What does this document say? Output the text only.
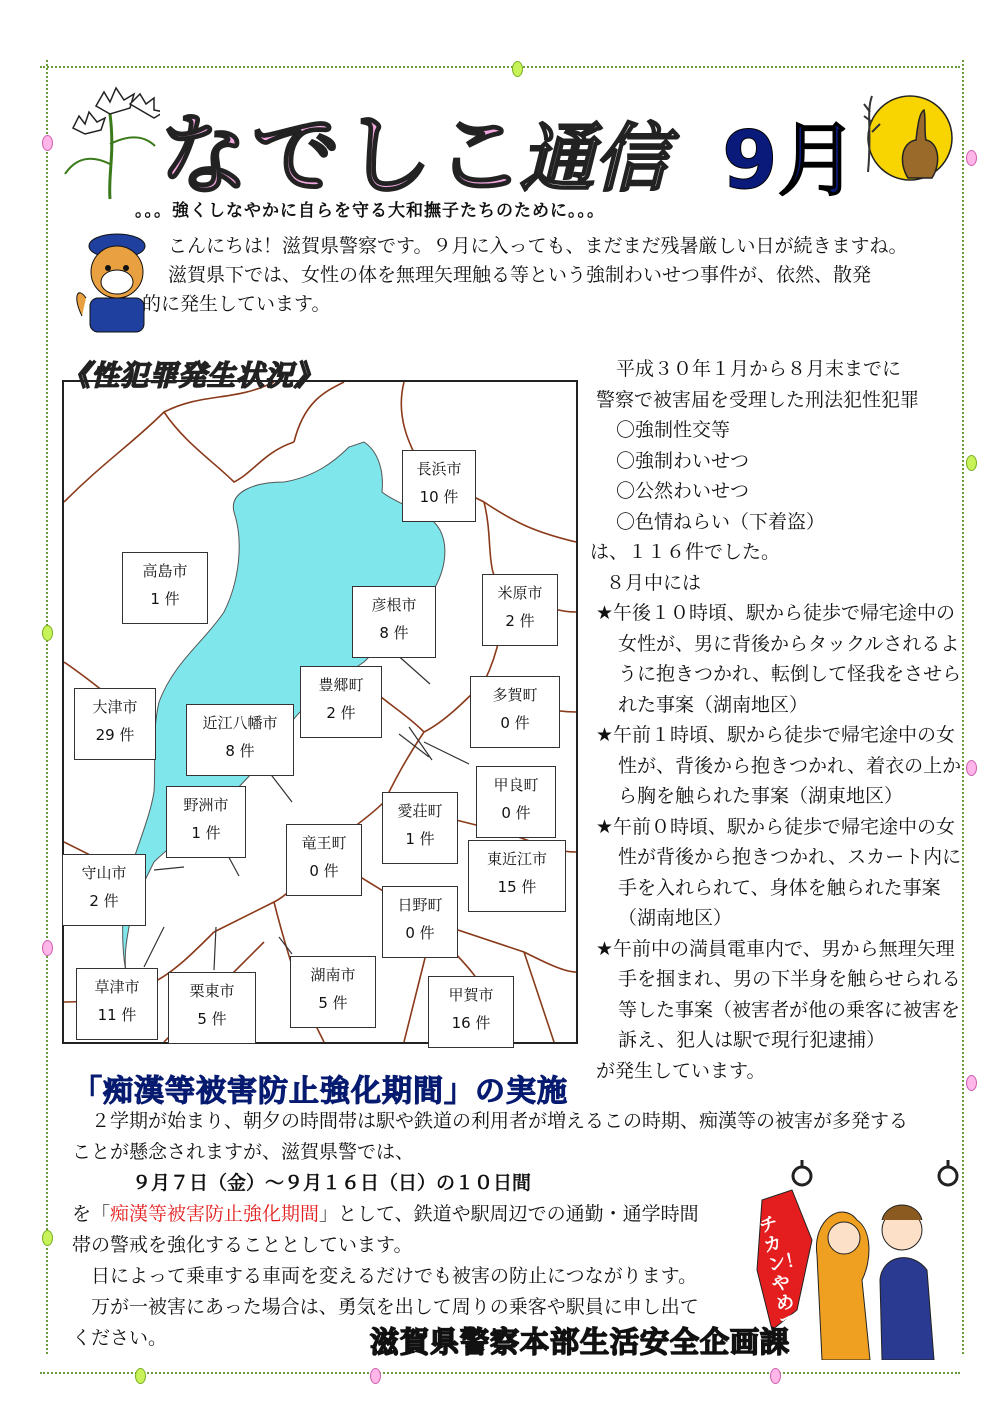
なでしこ
通信 9月
。。。強くしなやかに自らを守る大和撫子たちのために。。。

こんにちは！滋賀県警察です。９月に入っても、まだまだ残暑厳しい日が続きますね。

滋賀県下では、女性の体を無理矢理触る等という強制わいせつ事件が、依然、散発

的に発生しています。

長浜市
10 件
高島市
1 件	彦根市
8 件
米原市
2 件
豊郷町
2 件
多賀町
0 件
大津市
29 件
近江八幡市
8 件
甲良町
0 件
野洲市
1 件
愛荘町
1 件
竜王町
0 件
東近江市
15 件
守山市
2 件	日野町
0 件
草津市
11 件
栗東市
5 件
湖南市
5 件	甲賀市
16 件
《性犯罪発生状況》	平成３０年１月から８月末までに

警察で被害届を受理した刑法犯性犯罪

〇強制性交等

〇強制わいせつ

〇公然わいせつ

〇色情ねらい（下着盗）

は、１１６件でした。

８月中には

★午後１０時頃、駅から徒歩で帰宅途中の女性が、男に背後からタックルされるように抱きつかれ、転倒して怪我をさせられた事案（湖南地区）

★午前１時頃、駅から徒歩で帰宅途中の女性が、背後から抱きつかれ、着衣の上から胸を触られた事案（湖東地区）

★午前０時頃、駅から徒歩で帰宅途中の女性が背後から抱きつかれ、スカート内に手を入れられて、身体を触られた事案（湖南地区）

★午前中の満員電車内で、男から無理矢理手を掴まれ、男の下半身を触らせられる等した事案（被害者が他の乗客に被害を訴え、犯人は駅で現行犯逮捕）

が発生しています。

「痴漢等被害防止強化期間」の実施

２学期が始まり、朝夕の時間帯は駅や鉄道の利用者が増えるこの時期、痴漢等の被害が多発する

ことが懸念されますが、滋賀県警では、

９月７日（金）～９月１６日（日）の１０日間

を「痴漢等被害防止強化期間」として、鉄道や駅周辺での通勤・通学時間

帯の警戒を強化することとしています。

日によって乗車する車両を変えるだけでも被害の防止につながります。

万が一被害にあった場合は、勇気を出して周りの乗客や駅員に申し出て

ください。

チカン！やめて!!
滋賀県警察本部生活安全企画課
